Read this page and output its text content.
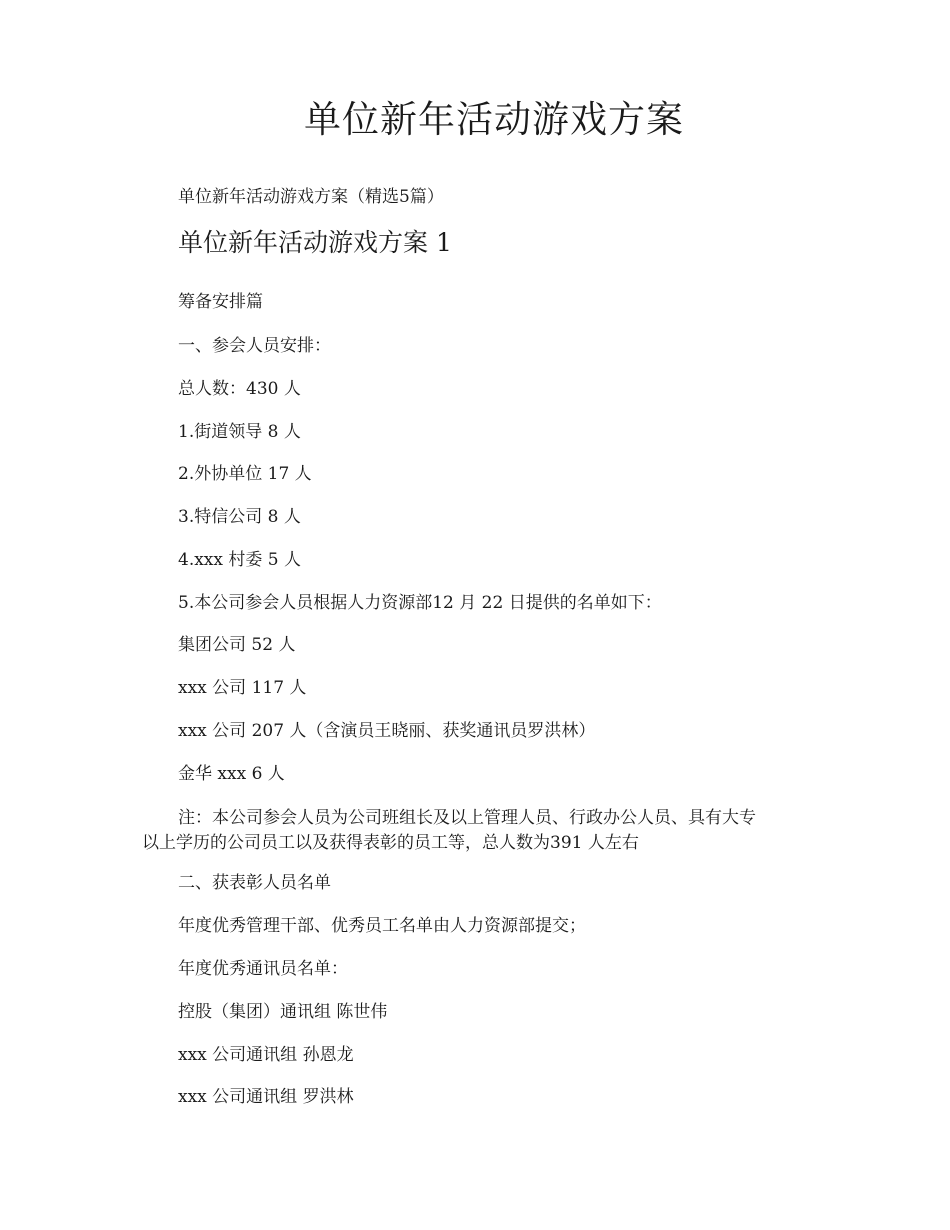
单位新年活动游戏方案

单位新年活动游戏方案（精选5篇）

单位新年活动游戏方案 1

筹备安排篇

一、参会人员安排：

总人数：430 人

1.街道领导 8 人

2.外协单位 17 人

3.特信公司 8 人

4.xxx 村委 5 人

5.本公司参会人员根据人力资源部12 月 22 日提供的名单如下：

集团公司 52 人

xxx 公司 117 人

xxx 公司 207 人（含演员王晓丽、获奖通讯员罗洪林）

金华 xxx 6 人

注：本公司参会人员为公司班组长及以上管理人员、行政办公人员、具有大专
以上学历的公司员工以及获得表彰的员工等，总人数为391 人左右

二、获表彰人员名单

年度优秀管理干部、优秀员工名单由人力资源部提交；

年度优秀通讯员名单：

控股（集团）通讯组 陈世伟

xxx 公司通讯组 孙恩龙

xxx 公司通讯组 罗洪林
